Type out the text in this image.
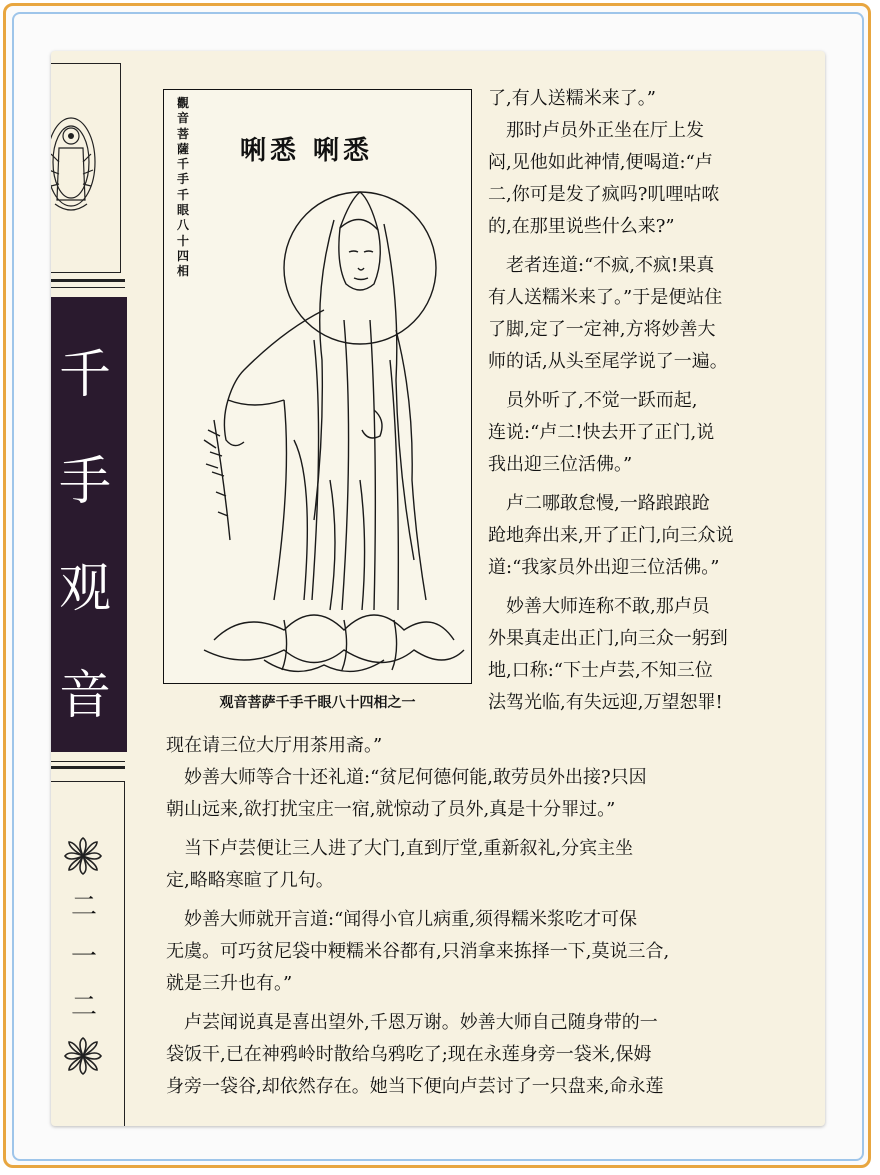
千
手
观
音
二
一
二
觀音菩薩千手千眼八十四相
唎悉 唎悉
观音菩萨千手千眼八十四相之一
了,有人送糯米来了。”
　那时卢员外正坐在厅上发
闷,见他如此神情,便喝道:“卢
二,你可是发了疯吗?叽哩咕哝
的,在那里说些什么来?”
　老者连道:“不疯,不疯!果真
有人送糯米来了。”于是便站住
了脚,定了一定神,方将妙善大
师的话,从头至尾学说了一遍。
　员外听了,不觉一跃而起,
连说:“卢二!快去开了正门,说
我出迎三位活佛。”
　卢二哪敢怠慢,一路踉踉跄
跄地奔出来,开了正门,向三众说
道:“我家员外出迎三位活佛。”
　妙善大师连称不敢,那卢员
外果真走出正门,向三众一躬到
地,口称:“下士卢芸,不知三位
法驾光临,有失远迎,万望恕罪!
现在请三位大厅用茶用斋。”
　妙善大师等合十还礼道:“贫尼何德何能,敢劳员外出接?只因
朝山远来,欲打扰宝庄一宿,就惊动了员外,真是十分罪过。”
　当下卢芸便让三人进了大门,直到厅堂,重新叙礼,分宾主坐
定,略略寒暄了几句。
　妙善大师就开言道:“闻得小官儿病重,须得糯米浆吃才可保
无虞。可巧贫尼袋中粳糯米谷都有,只消拿来拣择一下,莫说三合,
就是三升也有。”
　卢芸闻说真是喜出望外,千恩万谢。妙善大师自己随身带的一
袋饭干,已在神鸦岭时散给乌鸦吃了;现在永莲身旁一袋米,保姆
身旁一袋谷,却依然存在。她当下便向卢芸讨了一只盘来,命永莲
